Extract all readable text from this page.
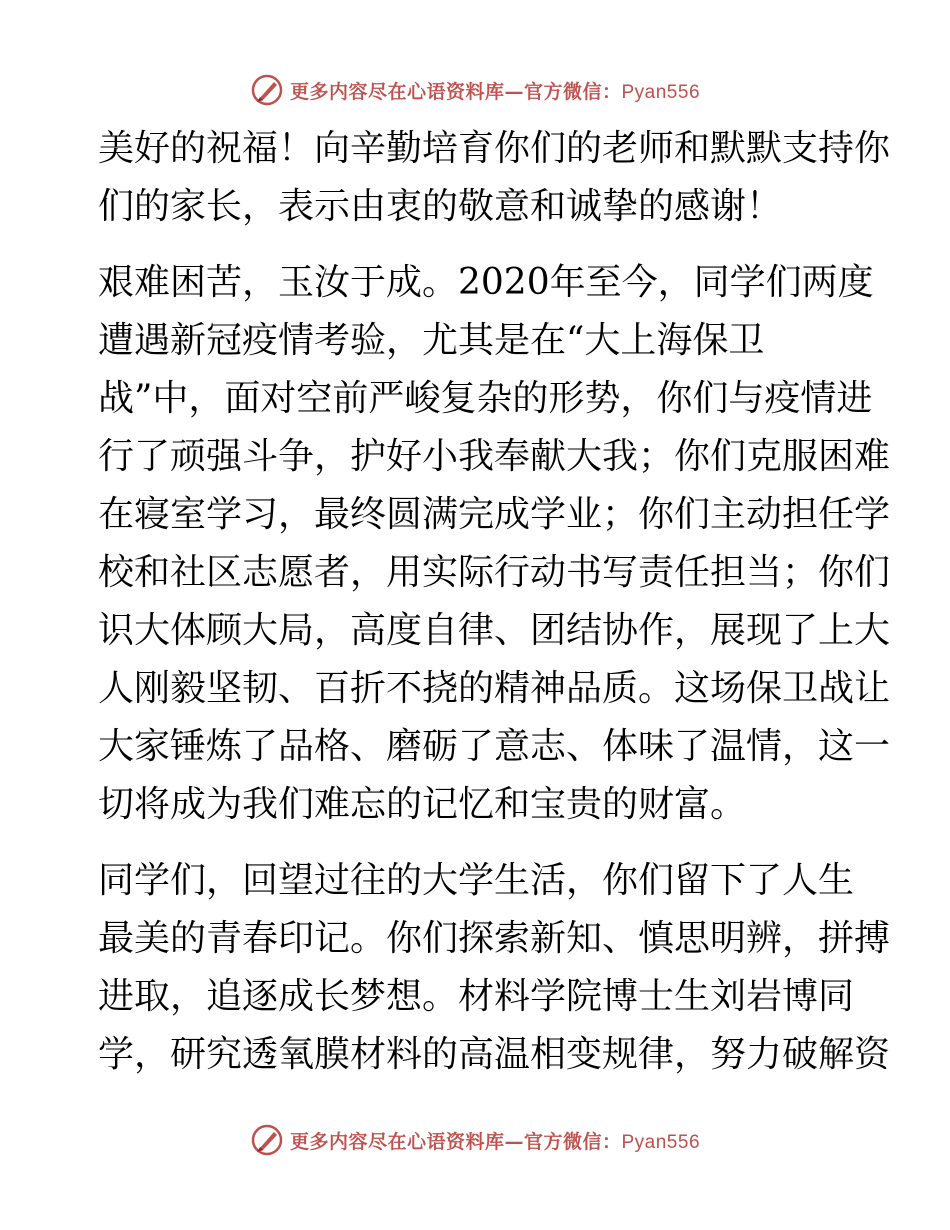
更多内容尽在心语资料库—官方微信：Pyan556

美好的祝福！向辛勤培育你们的老师和默默支持你
们的家长，表示由衷的敬意和诚挚的感谢！

艰难困苦，玉汝于成。2020年至今，同学们两度
遭遇新冠疫情考验，尤其是在“大上海保卫
战”中，面对空前严峻复杂的形势，你们与疫情进
行了顽强斗争，护好小我奉献大我；你们克服困难
在寝室学习，最终圆满完成学业；你们主动担任学
校和社区志愿者，用实际行动书写责任担当；你们
识大体顾大局，高度自律、团结协作，展现了上大
人刚毅坚韧、百折不挠的精神品质。这场保卫战让
大家锤炼了品格、磨砺了意志、体味了温情，这一
切将成为我们难忘的记忆和宝贵的财富。

同学们，回望过往的大学生活，你们留下了人生
最美的青春印记。你们探索新知、慎思明辨，拼搏
进取，追逐成长梦想。材料学院博士生刘岩博同
学，研究透氧膜材料的高温相变规律，努力破解资

更多内容尽在心语资料库—官方微信：Pyan556
